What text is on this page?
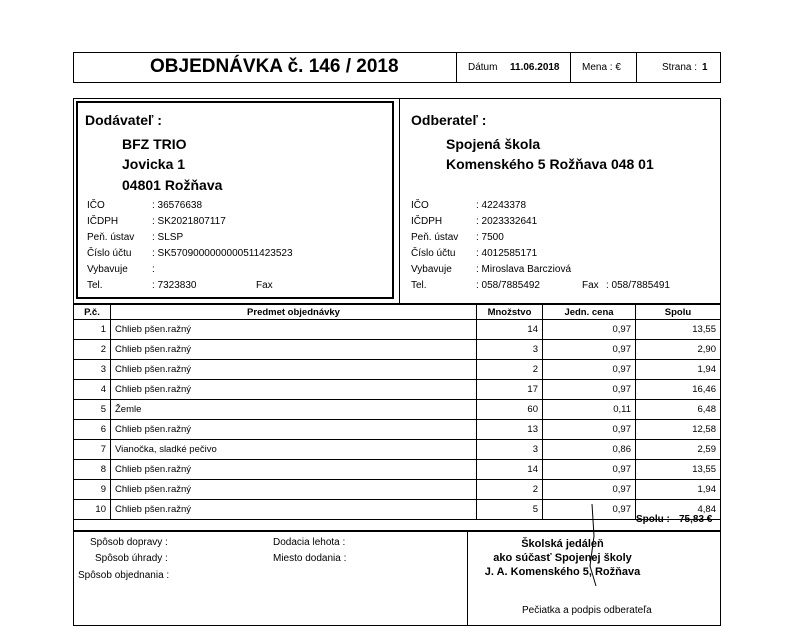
OBJEDNÁVKA č. 146 / 2018	Dátum 11.06.2018 Mena : €	Strana : 1
Dodávateľ :
BFZ TRIO
Jovicka 1
04801 Rožňava
IČO	: 36576638
IČDPH	: SK2021807117
Peň. ústav : SLSP
Číslo účtu : SK5709000000000511423523
Vybavuje :
Tel.	: 7323830	Fax
Odberateľ :
Spojená škola
Komenského 5 Rožňava 048 01
IČO	: 42243378
IČDPH	: 2023332641
Peň. ústav : 7500
Číslo účtu : 4012585171
Vybavuje : Miroslava Barcziová
Tel.	: 058/7885492	Fax : 058/7885491
P.č.	Predmet objednávky	Množstvo	Jedn. cena	Spolu
1	Chlieb pšen.ražný	14	0,97	13,55
2	Chlieb pšen.ražný	3	0,97	2,90
3	Chlieb pšen.ražný	2	0,97	1,94
4	Chlieb pšen.ražný	17	0,97	16,46
5	Žemle	60	0,11	6,48
6	Chlieb pšen.ražný	13	0,97	12,58
7	Vianočka, sladké pečivo	3	0,86	2,59
8	Chlieb pšen.ražný	14	0,97	13,55
9	Chlieb pšen.ražný	2	0,97	1,94
10	Chlieb pšen.ražný	5	0,97	4,84
Spolu : 75,83 €
Spôsob dopravy :
Spôsob úhrady :
Spôsob objednania :
Dodacia lehota :
Miesto dodania :
Školská jedáleň
ako súčasť Spojenej školy
J. A. Komenského 5, Rožňava
Pečiatka a podpis odberateľa
